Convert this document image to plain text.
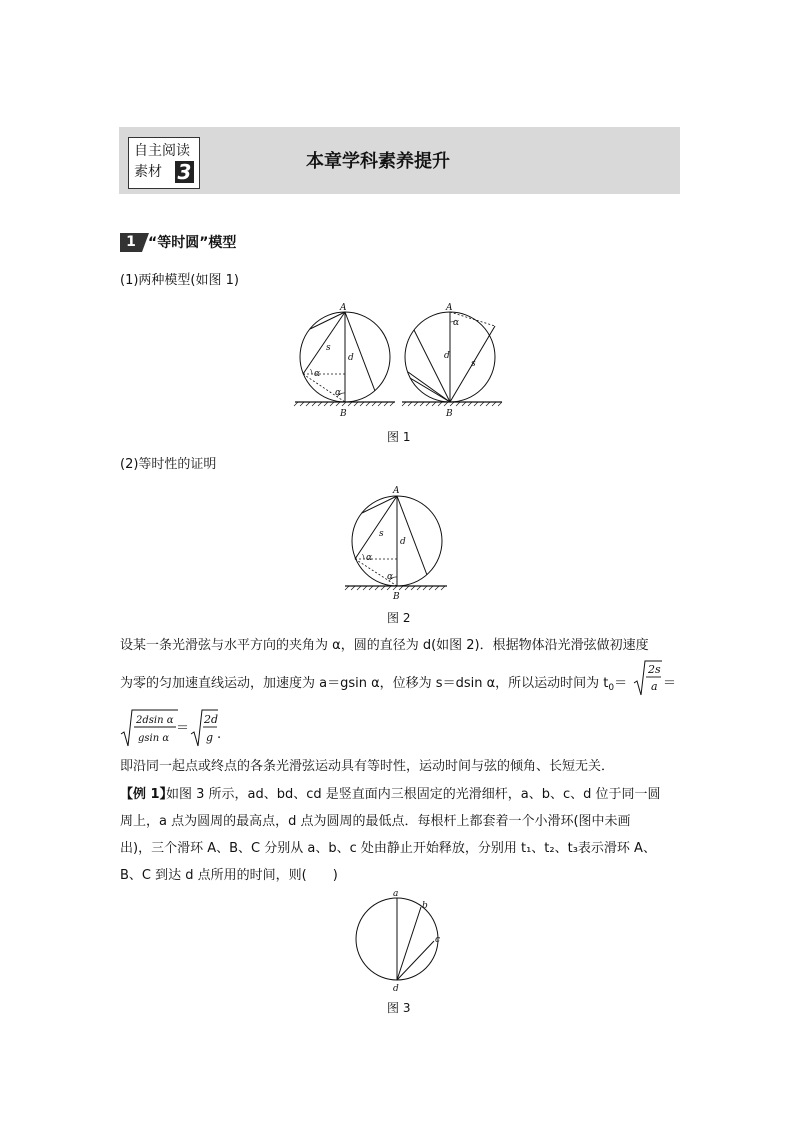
自主阅读
素材 3	本章学科素养提升
1 “等时圆”模型
(1)两种模型(如图 1)
A
B
s
d
α
α
A
B
d
s
α
图 1
(2)等时性的证明
A
B
s
d
α
α
图 2
设某一条光滑弦与水平方向的夹角为 α，圆的直径为 d(如图 2)．根据物体沿光滑弦做初速度
为零的匀加速直线运动，加速度为 a＝gsin α，位移为 s＝dsin α，所以运动时间为 $t_0=$
2s
a ＝
2dsin α
gsin α
＝
2d
g .
即沿同一起点或终点的各条光滑弦运动具有等时性，运动时间与弦的倾角、长短无关．
【例 1】
如图 3 所示，ad、bd、cd 是竖直面内三根固定的光滑细杆，a、b、c、d 位于同一圆
周上，a 点为圆周的最高点，d 点为圆周的最低点．每根杆上都套着一个小滑环(图中未画
出)，三个滑环 A、B、C 分别从 a、b、c 处由静止开始释放，分别用 t₁、t₂、t₃表示滑环 A、
B、C 到达 d 点所用的时间，则(　　)
a
b
c
d
图 3
